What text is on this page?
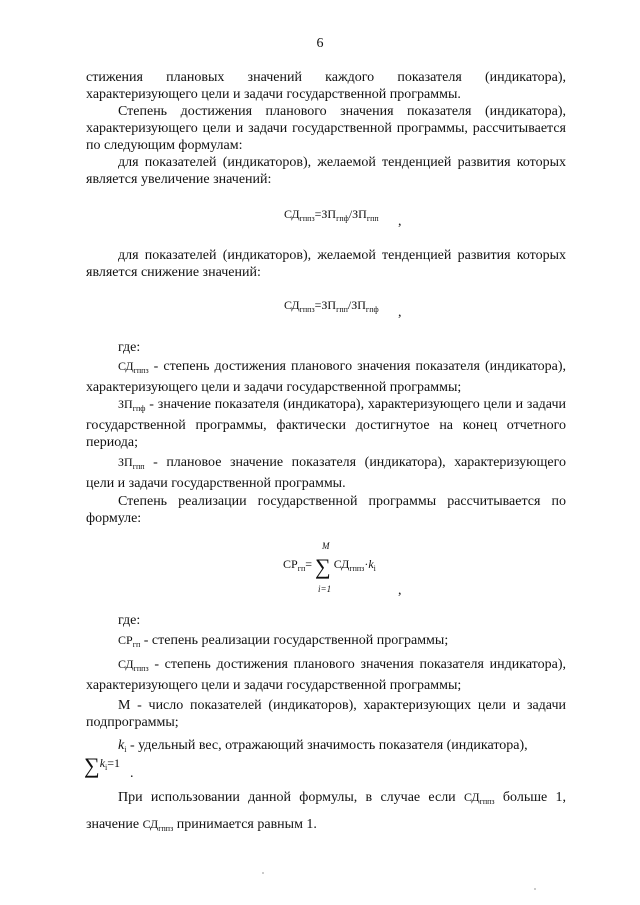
6
стижения плановых значений каждого показателя (индикатора), характеризующего цели и задачи государственной программы.
Степень достижения планового значения показателя (индикатора), характеризующего цели и задачи государственной программы, рассчитывается по следующим формулам:
для показателей (индикаторов), желаемой тенденцией развития которых является увеличение значений:
$СД_{гппз}=ЗП_{гпф}/ЗП_{гпп}$ ,
для показателей (индикаторов), желаемой тенденцией развития которых является снижение значений:
$СД_{гппз}=ЗП_{гпп}/ЗП_{гпф}$ ,
где:
$СД_{гппз}$ - степень достижения планового значения показателя (индикатора), характеризующего цели и задачи государственной программы;
$ЗП_{гпф}$ - значение показателя (индикатора), характеризующего цели и задачи государственной программы, фактически достигнутое на конец отчетного периода;
$ЗП_{гпп}$ - плановое значение показателя (индикатора), характеризующего цели и задачи государственной программы.
Степень реализации государственной программы рассчитывается по формуле:
$СР_{гп}=$ ∑ $СД_{гппз}\cdot k_i$
M
i=1	,
где:
$СР_{гп}$ - степень реализации государственной программы;
$СД_{гппз}$ - степень достижения планового значения показателя индикатора), характеризующего цели и задачи государственной программы;
М - число показателей (индикаторов), характеризующих цели и задачи подпрограммы;
$k_i$ - удельный вес, отражающий значимость показателя (индикатора),
$\sum k_i=1$
.
При использовании данной формулы, в случае если $СД_{гппз}$ больше 1, значение $СД_{гппз}$ принимается равным 1.
